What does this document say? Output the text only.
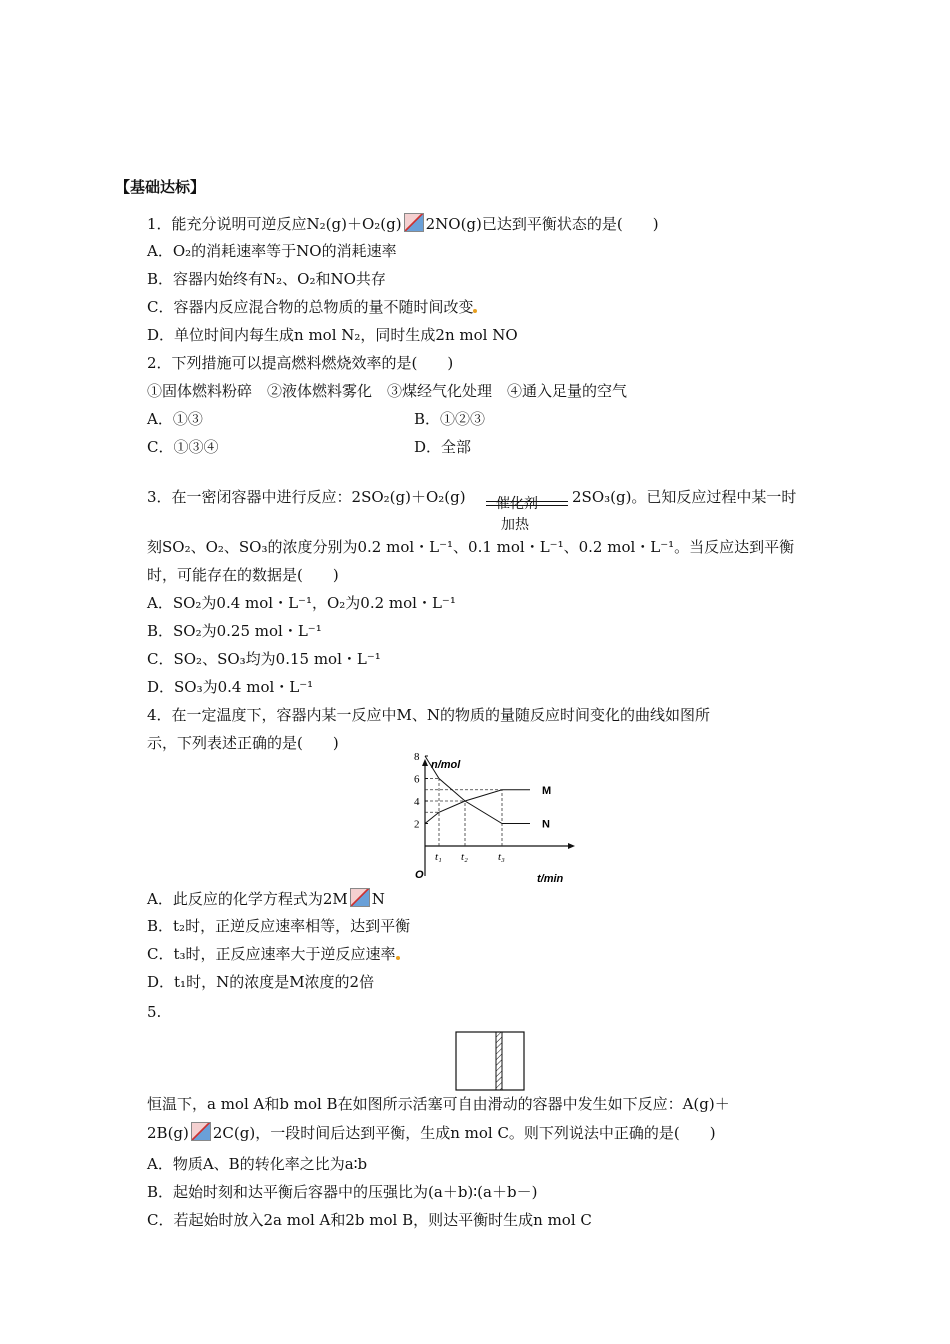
【基础达标】
1．能充分说明可逆反应N₂(g)＋O₂(g) 2NO(g)已达到平衡状态的是(　　)
A．O₂的消耗速率等于NO的消耗速率
B．容器内始终有N₂、O₂和NO共存
C．容器内反应混合物的总物质的量不随时间改变
D．单位时间内每生成n mol N₂，同时生成2n mol NO
2．下列措施可以提高燃料燃烧效率的是(　　)
①固体燃料粉碎　②液体燃料雾化　③煤经气化处理　④通入足量的空气
A．①③	B．①②③
C．①③④	D．全部
3．在一密闭容器中进行反应：2SO₂(g)＋O₂(g) 催化剂
加热
2SO₃(g)。已知反应过程中某一时
刻SO₂、O₂、SO₃的浓度分别为0.2 mol・L⁻¹、0.1 mol・L⁻¹、0.2 mol・L⁻¹。当反应达到平衡
时，可能存在的数据是(　　)
A．SO₂为0.4 mol・L⁻¹，O₂为0.2 mol・L⁻¹
B．SO₂为0.25 mol・L⁻¹
C．SO₂、SO₃均为0.15 mol・L⁻¹
D．SO₃为0.4 mol・L⁻¹
4．在一定温度下，容器内某一反应中M、N的物质的量随反应时间变化的曲线如图所
示，下列表述正确的是(　　)
n/mol
t/min
O
M
N
8
6
4
2
t₁ t₂	t₃
A．此反应的化学方程式为2M N
B．t₂时，正逆反应速率相等，达到平衡
C．t₃时，正反应速率大于逆反应速率
D．t₁时，N的浓度是M浓度的2倍
5.
恒温下，a mol A和b mol B在如图所示活塞可自由滑动的容器中发生如下反应：A(g)＋
2B(g) 2C(g)，一段时间后达到平衡，生成n mol C。则下列说法中正确的是(　　)
A．物质A、B的转化率之比为a∶b
B．起始时刻和达平衡后容器中的压强比为(a＋b)∶(a＋b－)
C．若起始时放入2a mol A和2b mol B，则达平衡时生成n mol C
